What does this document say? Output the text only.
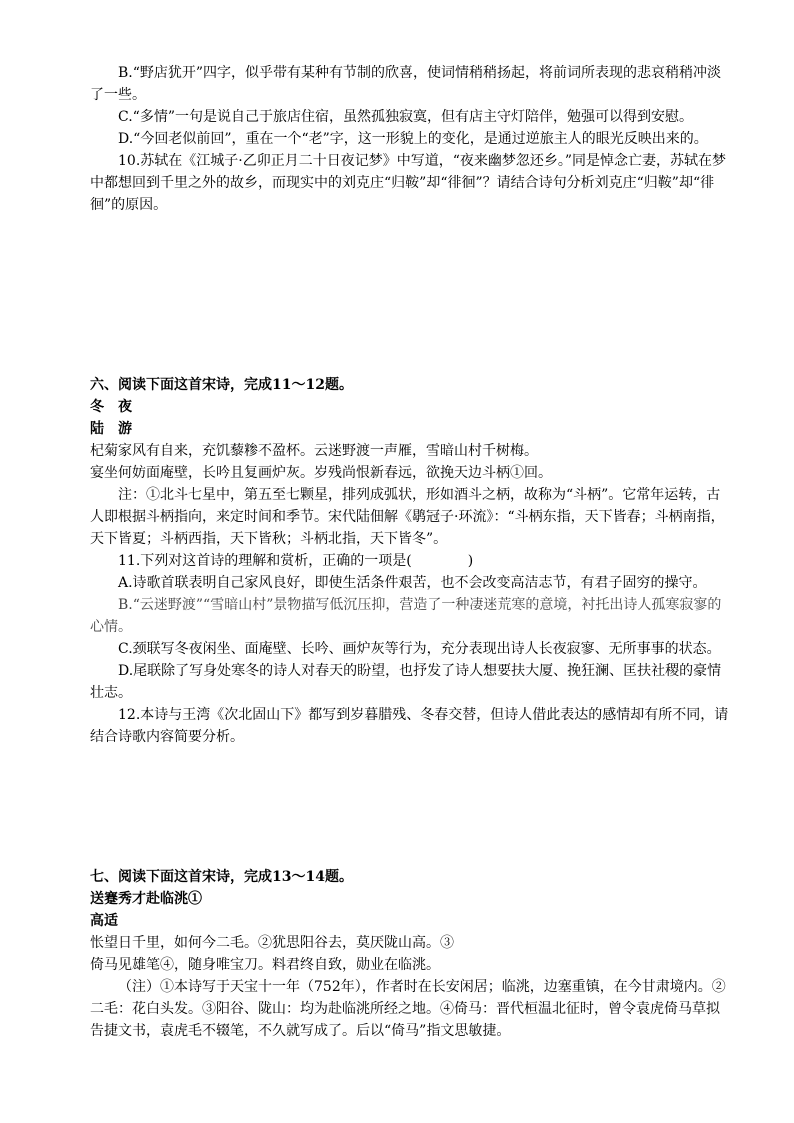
B.“野店犹开”四字，似乎带有某种有节制的欣喜，使词情稍稍扬起，将前词所表现的悲哀稍稍冲淡了一些。

C.“多情”一句是说自己于旅店住宿，虽然孤独寂寞，但有店主守灯陪伴，勉强可以得到安慰。

D.“今回老似前回”，重在一个“老”字，这一形貌上的变化，是通过逆旅主人的眼光反映出来的。

10.苏轼在《江城子·乙卯正月二十日夜记梦》中写道，“夜来幽梦忽还乡。”同是悼念亡妻，苏轼在梦中都想回到千里之外的故乡，而现实中的刘克庄“归鞍”却“徘徊”？请结合诗句分析刘克庄“归鞍”却“徘徊”的原因。

六、阅读下面这首宋诗，完成11～12题。

冬　夜

陆　游

杞菊家风有自来，充饥藜糁不盈杯。云迷野渡一声雁，雪暗山村千树梅。

宴坐何妨面庵壁，长吟且复画炉灰。岁残尚恨新春远，欲挽天边斗柄①回。

注：①北斗七星中，第五至七颗星，排列成弧状，形如酒斗之柄，故称为“斗柄”。它常年运转，古人即根据斗柄指向，来定时间和季节。宋代陆佃解《鹖冠子·环流》：“斗柄东指，天下皆春；斗柄南指，天下皆夏；斗柄西指，天下皆秋；斗柄北指，天下皆冬”。

11.下列对这首诗的理解和赏析，正确的一项是(　　　　)

A.诗歌首联表明自己家风良好，即使生活条件艰苦，也不会改变高洁志节，有君子固穷的操守。

B.“云迷野渡”“雪暗山村”景物描写低沉压抑，营造了一种凄迷荒寒的意境，衬托出诗人孤寒寂寥的心情。

C.颈联写冬夜闲坐、面庵壁、长吟、画炉灰等行为，充分表现出诗人长夜寂寥、无所事事的状态。

D.尾联除了写身处寒冬的诗人对春天的盼望，也抒发了诗人想要扶大厦、挽狂澜、匡扶社稷的豪情壮志。

12.本诗与王湾《次北固山下》都写到岁暮腊残、冬春交替，但诗人借此表达的感情却有所不同，请结合诗歌内容简要分析。

七、阅读下面这首宋诗，完成13～14题。

送蹇秀才赴临洮①

高适

怅望日千里，如何今二毛。②犹思阳谷去，莫厌陇山高。③

倚马见雄笔④，随身唯宝刀。料君终自致，勋业在临洮。

（注）①本诗写于天宝十一年（752年），作者时在长安闲居；临洮，边塞重镇，在今甘肃境内。②二毛：花白头发。③阳谷、陇山：均为赴临洮所经之地。④倚马：晋代桓温北征时，曾令袁虎倚马草拟告捷文书，袁虎毛不辍笔，不久就写成了。后以“倚马”指文思敏捷。
